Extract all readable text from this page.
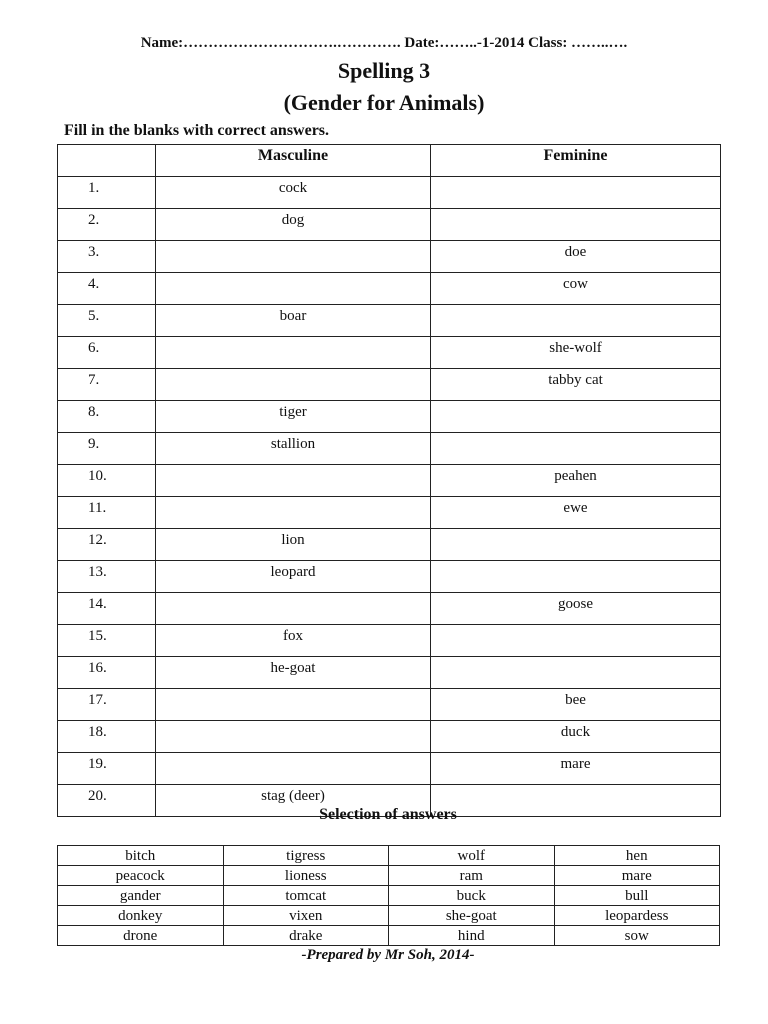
Name:………………………….…………. Date:……..-1-2014 Class: ……..….
Spelling 3
(Gender for Animals)
Fill in the blanks with correct answers.
	Masculine	Feminine
1.	cock	
2.	dog	
3.		doe
4.		cow
5.	boar	
6.		she-wolf
7.		tabby cat
8.	tiger	
9.	stallion	
10.		peahen
11.		ewe
12.	lion	
13.	leopard	
14.		goose
15.	fox	
16.	he-goat	
17.		bee
18.		duck
19.		mare
20.	stag (deer)	
Selection of answers
bitch	tigress	wolf	hen
peacock	lioness	ram	mare
gander	tomcat	buck	bull
donkey	vixen	she-goat	leopardess
drone	drake	hind	sow
-Prepared by Mr Soh, 2014-
